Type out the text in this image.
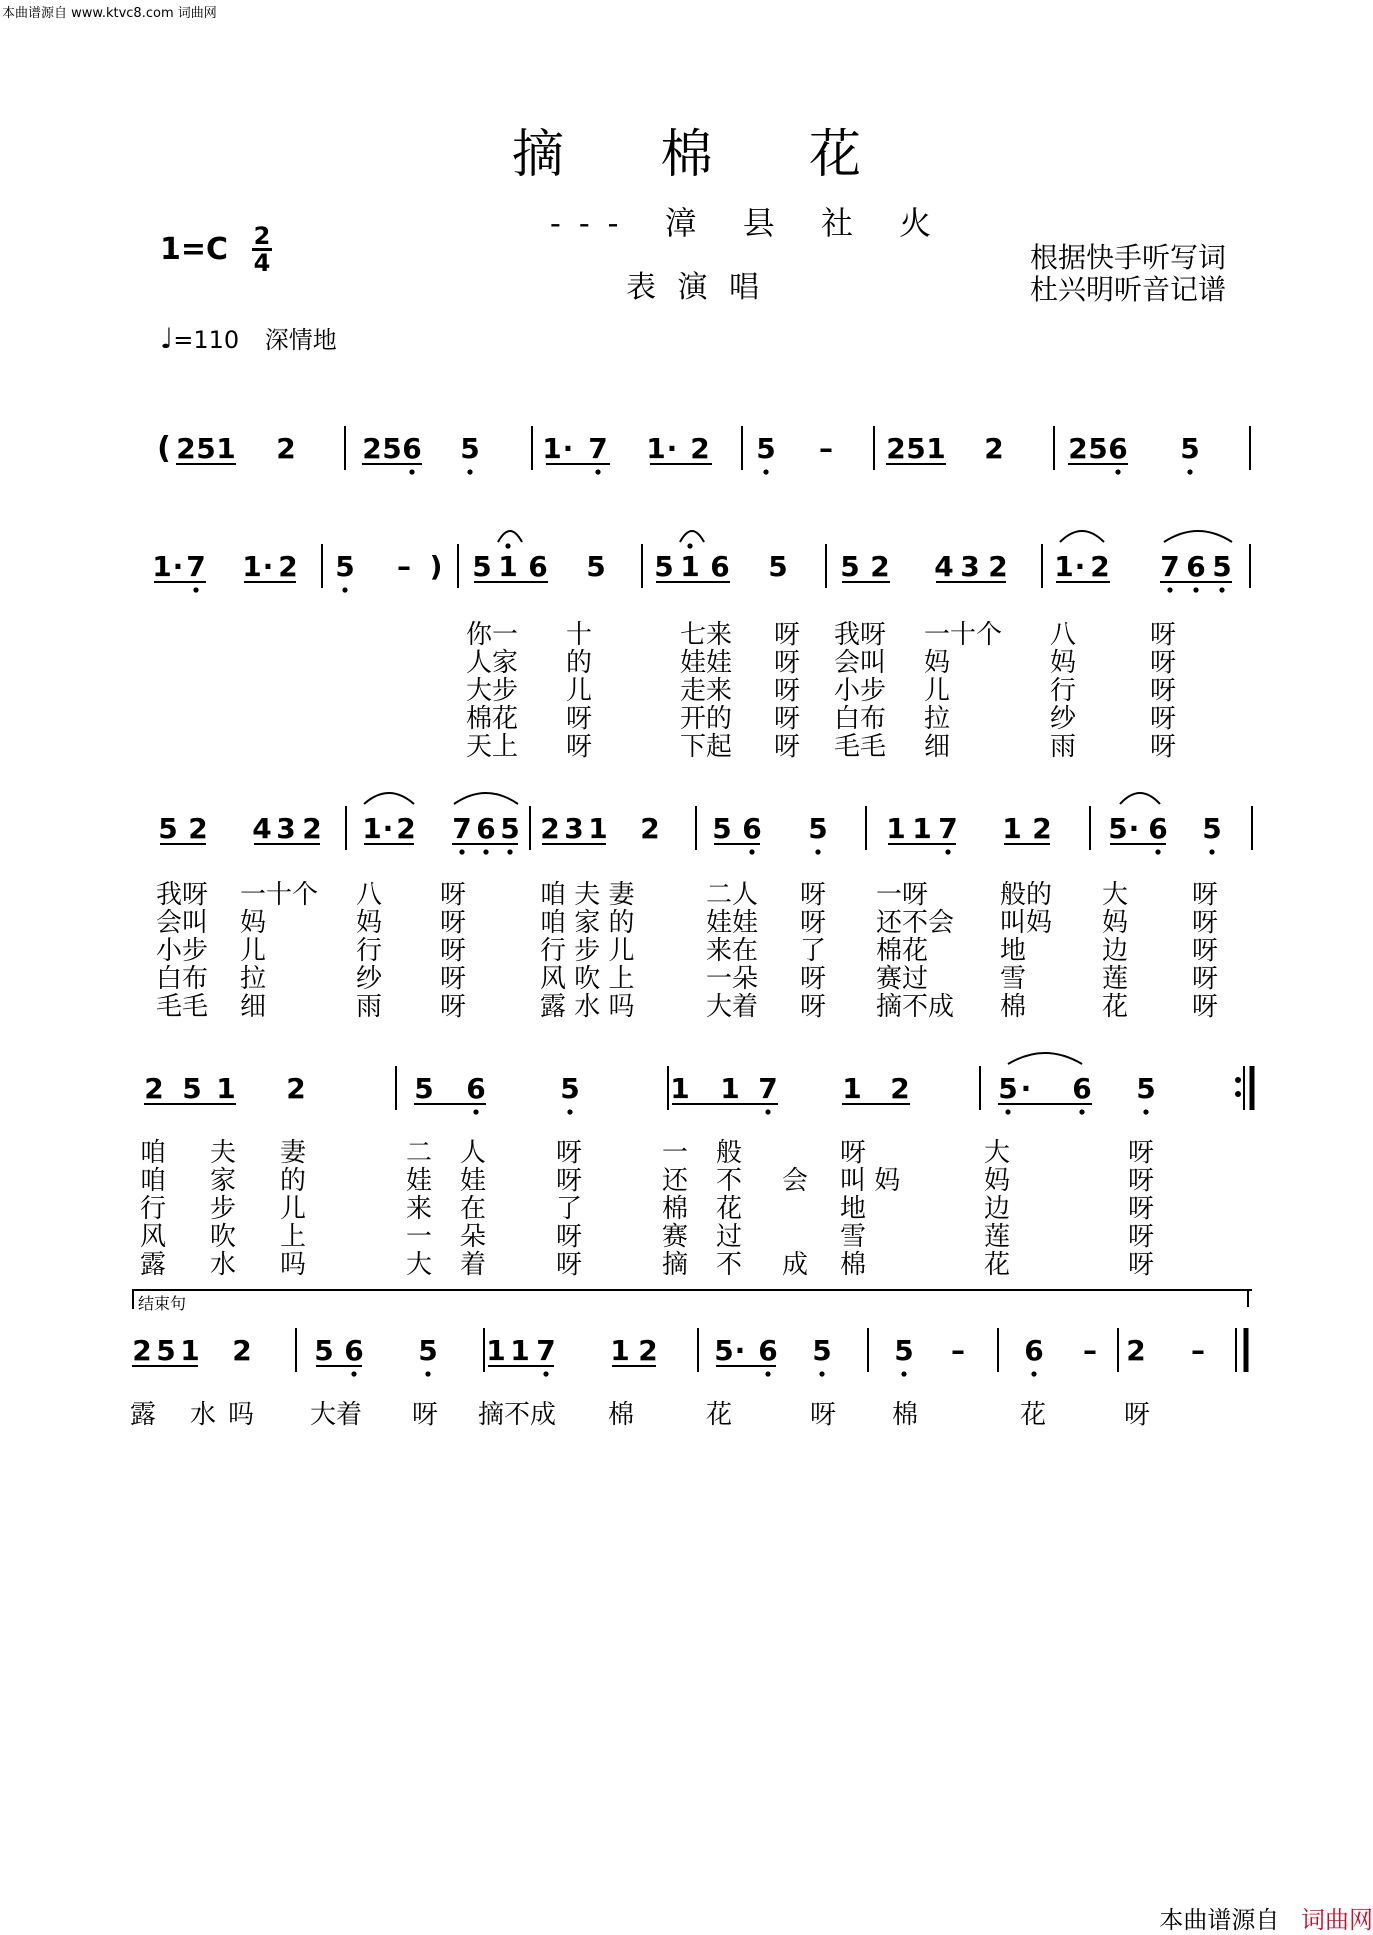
本曲谱源自 www.ktvc8.com 词曲网
摘 棉 花
--- 漳 县 社 火
表 演 唱
1=C 2
4	根据快手听写词
杜兴明听音记谱
♩=110 深情地
( 2 5 1 2 2 5 6 5 1 · 7 1 · 2 5 – 2 5 1 2 2 5 6 5
1 · 7 1 · 2 5 – ) 5 1 6 5 5 1 6 5 5 2 4 3 2 1 · 2 7 6 5
5 2 4 3 2 1 · 2 7 6 5 2 3 1 2 5 6 5 1 1 7 1 2 5 · 6 5
2 5 1 2	5 6	5	1 1 7 1 2	5 · 6 5
2 5 1 2 5 6 5 1 1 7 1 2 5 · 6 5 5 – 6 – 2 –
你一 十	七来 呀 我呀 一十个 八	呀
人家 的	娃娃 呀 会叫 妈	妈	呀
大步 儿	走来 呀 小步 儿	行	呀
棉花 呀	开的 呀 白布 拉	纱	呀
天上 呀	下起 呀 毛毛 细	雨	呀
我呀 一十个 八 呀	咱 夫 妻	二人 呀 一呀	般的 大 呀
会叫 妈	妈 呀	咱 家 的	娃娃 呀 还不会 叫妈 妈 呀
小步 儿	行 呀	行 步 儿	来在 了 棉花	地	边 呀
白布 拉	纱 呀	风 吹 上	一朵 呀 赛过	雪	莲 呀
毛毛 细	雨 呀	露 水 吗	大着 呀 摘不成 棉	花 呀
咱 夫 妻	二 人	呀	一 般	呀	大	呀
咱 家 的	娃 娃	呀	还 不 会 叫 妈	妈	呀
行 步 儿	来 在	了	棉 花	地	边	呀
风 吹 上	一 朵	呀	赛 过	雪	莲	呀
露 水 吗	大 着	呀	摘 不 成 棉	花	呀
露 水 吗 大着 呀 摘不成 棉	花	呀 棉	花	呀
结束句
本曲谱源自 词曲网
